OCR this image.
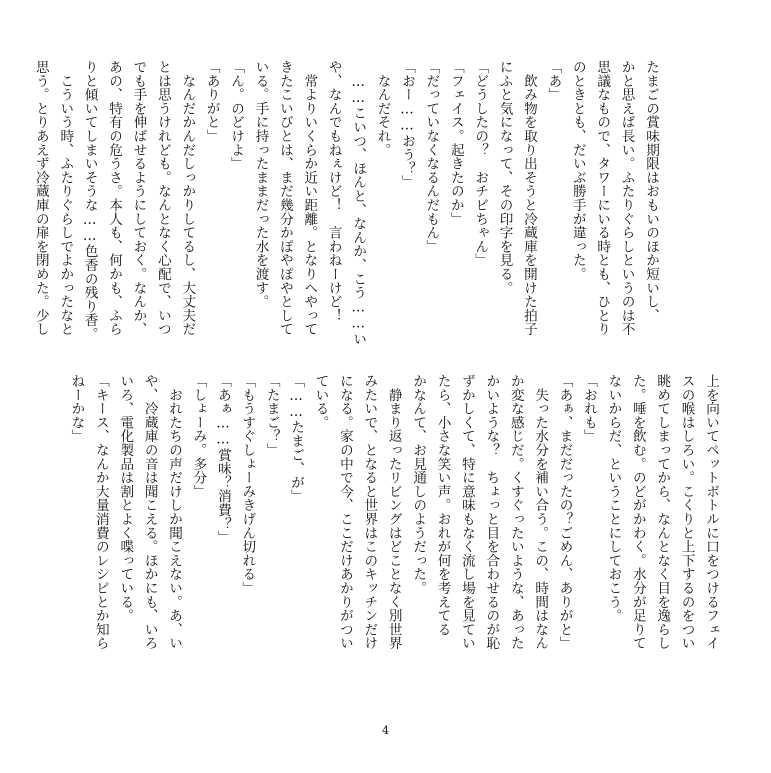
たまごの賞味期限はおもいのほか短いし、
かと思えば長い。ふたりぐらしというのは不
思議なもので、タワーにいる時とも、ひとり
のときとも、だいぶ勝手が違った。
「あ」
　飲み物を取り出そうと冷蔵庫を開けた拍子
にふと気になって、その印字を見る。
「どうしたの？　おチビちゃん」
「フェイス。起きたのか」
「だっていなくなるんだもん」
「おー……おう？」
　なんだそれ。
　……こいつ、ほんと、なんか、こう……い
や、なんでもねぇけど！　言わねーけど！
　常よりいくらか近い距離。となりへやって
きたこいびとは、まだ幾分かぽやぽやとして
いる。手に持ったままだった水を渡す。
「ん。のどけよ」
「ありがと」
　なんだかんだしっかりしてるし、大丈夫だ
とは思うけれども。なんとなく心配で、いつ
でも手を伸ばせるようにしておく。なんか、
あの、特有の危うさ。本人も、何かも、ふら
りと傾いてしまいそうな……色香の残り香。
　こういう時、ふたりぐらしでよかったなと
思う。とりあえず冷蔵庫の扉を閉めた。少し
上を向いてペットボトルに口をつけるフェイ
スの喉はしろい。こくりと上下するのをつい
眺めてしまってから、なんとなく目を逸らし
た。唾を飲む。のどがかわく。水分が足りて
ないからだ、ということにしておこう。
「おれも」
「あぁ、まだだったの？ごめん、ありがと」
　失った水分を補い合う。この、時間はなん
か変な感じだ。くすぐったいような、あった
かいような？　ちょっと目を合わせるのが恥
ずかしくて、特に意味もなく流し場を見てい
たら、小さな笑い声。おれが何を考えてる
かなんて、お見通しのようだった。
　静まり返ったリビングはどことなく別世界
みたいで、となると世界はこのキッチンだけ
になる。家の中で今、ここだけあかりがつい
ている。
「……たまご、が」
「たまご？」
「もうすぐしょーみきげん切れる」
「あぁ……賞味？消費？」
「しょーみ。多分」
　おれたちの声だけしか聞こえない。あ、い
や、冷蔵庫の音は聞こえる。ほかにも、いろ
いろ、電化製品は割とよく喋っている。
「キース、なんか大量消費のレシピとか知ら
ねーかな」
4
